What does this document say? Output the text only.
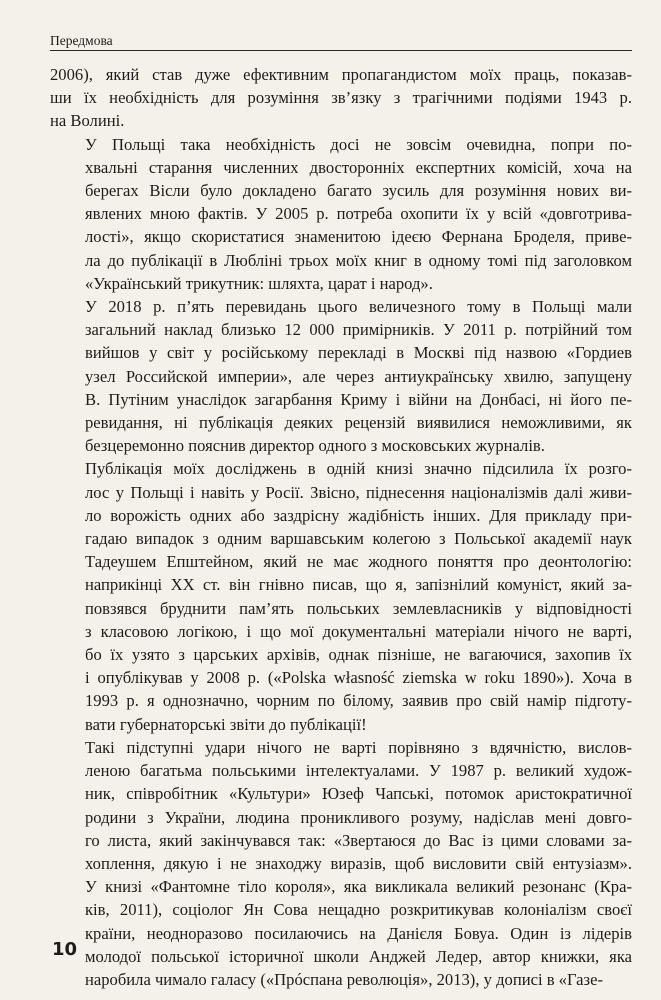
Передмова

2006), який став дуже ефективним пропагандистом моїх праць, показав-
ши їх необхідність для розуміння зв’язку з трагічними подіями 1943 р.
на Волині.

У Польщі така необхідність досі не зовсім очевидна, попри по-
хвальні старання численних двосторонніх експертних комісій, хоча на
берегах Вісли було докладено багато зусиль для розуміння нових ви-
явлених мною фактів. У 2005 р. потреба охопити їх у всій «довготрива-
лості», якщо скористатися знаменитою ідеєю Фернана Броделя, приве-
ла до публікації в Любліні трьох моїх книг в одному томі під заголовком
«Український трикутник: шляхта, царат і народ».

У 2018 р. п’ять перевидань цього величезного тому в Польщі мали
загальний наклад близько 12 000 примірників. У 2011 р. потрійний том
вийшов у світ у російському перекладі в Москві під назвою «Гордиев
узел Российской империи», але через антиукраїнську хвилю, запущену
В. Путіним унаслідок загарбання Криму і війни на Донбасі, ні його пе-
ревидання, ні публікація деяких рецензій виявилися неможливими, як
безцеремонно пояснив директор одного з московських журналів.

Публікація моїх досліджень в одній книзі значно підсилила їх розго-
лос у Польщі і навіть у Росії. Звісно, піднесення націоналізмів далі живи-
ло ворожість одних або заздрісну жадібність інших. Для прикладу при-
гадаю випадок з одним варшавським колегою з Польської академії наук
Тадеушем Епштейном, який не має жодного поняття про деонтологію:
наприкінці XX ст. він гнівно писав, що я, запізнілий комуніст, який за-
повзявся бруднити пам’ять польських землевласників у відповідності
з класовою логікою, і що мої документальні матеріали нічого не варті,
бо їх узято з царських архівів, однак пізніше, не вагаючися, захопив їх
і опублікував у 2008 р. («Polska własność ziemska w roku 1890»). Хоча в
1993 р. я однозначно, чорним по білому, заявив про свій намір підготу-
вати губернаторські звіти до публікації!

Такі підступні удари нічого не варті порівняно з вдячністю, вислов-
леною багатьма польськими інтелектуалами. У 1987 р. великий худож-
ник, співробітник «Культури» Юзеф Чапськi, потомок аристократичної
родини з України, людина проникливого розуму, надіслав мені довго-
го листа, який закінчувався так: «Звертаюся до Вас із цими словами за-
хоплення, дякую і не знаходжу виразів, щоб висловити свій ентузіазм».
У книзі «Фантомне тіло короля», яка викликала великий резонанс (Кра-
ків, 2011), соціолог Ян Сова нещадно розкритикував колоніалізм своєї
країни, неодноразово посилаючись на Данієля Бовуа. Один із лідерів
молодої польської історичної школи Анджей Ледер, автор книжки, яка
наробила чимало галасу («Прóспана революція», 2013), у дописі в «Газе-

10
